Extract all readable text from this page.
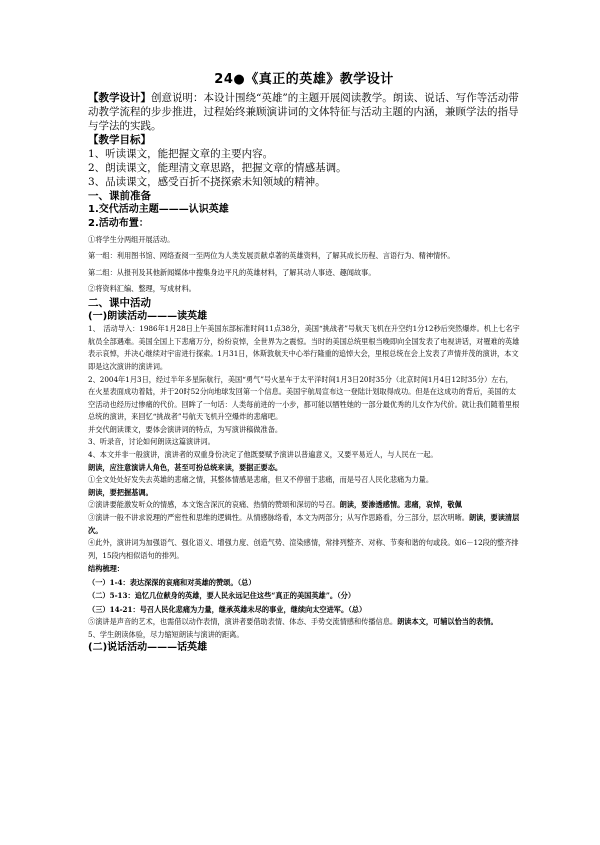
24●《真正的英雄》教学设计

【教学设计】创意说明：本设计围绕“英雄”的主题开展阅读教学。朗读、说话、写作等活动带动教学流程的步步推进，过程始终兼顾演讲词的文体特征与活动主题的内涵，兼顾学法的指导与学法的实践。

【教学目标】

1、听读课文，能把握文章的主要内容。

2、朗读课文，能理清文章思路，把握文章的情感基调。

3、品读课文，感受百折不挠探索未知领域的精神。

一、课前准备

1.交代活动主题———认识英雄

2.活动布置：

①将学生分两组开展活动。

第一组：利用图书馆、网络查阅一至两位为人类发展贡献卓著的英雄资料，了解其成长历程、言语行为、精神情怀。

第二组：从报刊及其他新闻媒体中搜集身边平凡的英雄材料，了解其动人事迹、趣闻故事。

②将资料汇编、整理，写成材料。

二、课中活动

(一)朗读活动———读英雄

1、　活动导入：1986年1月28日上午美国东部标准时间11点38分，美国“挑战者”号航天飞机在升空约1分12秒后突然爆炸。机上七名宇航员全部遇难。美国全国上下悲痛万分，纷纷哀悼，全世界为之震惊。当时的美国总统里根当晚即向全国发表了电视讲话，对罹难的英雄表示哀悼，并决心继续对宇宙进行探索。1月31日，休斯敦航天中心举行隆重的追悼大会，里根总统在会上发表了声情并茂的演讲，本文即是这次演讲的演讲词。

2、2004年1月3日，经过半年多星际航行，美国“勇气”号火星车于太平洋时间1月3日20时35分（北京时间1月4日12时35分）左右，在火星表面成功着陆，并于20时52分向地球发回第一个信息。美国宇航局宣布这一登陆计划取得成功。但是在这成功的背后，美国的太空活动也经历过惨痛的代价。回眸了一句话：人类每前进的一小步，都可能以牺牲她的一部分最优秀的儿女作为代价。就让我们随着里根总统的演讲，来回忆“挑战者”号航天飞机升空爆炸的悲痛吧。

并交代朗读课文，要体会演讲词的特点，为写演讲稿做准备。

3、听录音，讨论如何朗读这篇演讲词。

4、本文并非一般演讲，演讲者的双重身份决定了他既要赋予演讲以普遍意义，又要平易近人，与人民在一起。
朗读，应注意演讲人角色，甚至可扮总统来读，要据正要态。

①全文处处好发失去英雄的悲痛之情，其整体情感是悲痛，但又不停留于悲痛，而是号召人民化悲痛为力量。
朗读，要把握基调。

②演讲要能激发听众的情感，本文饱含深沉的哀痛、热情的赞颂和深切的号召。朗读，要渗透感情。悲痛，哀悼，敬佩

③演讲一般不讲求说理的严密性和思维的逻辑性。从情感脉络看，本文为两部分；从写作思路看，分三部分，层次明晰。朗读，要读清层次。

④此外，演讲词为加强语气、强化语义、增强力度、创造气势、渲染感情，常排列整齐、对称、节奏和谐的句或段。如6－12段的整齐排列，15段内相似语句的排列。

结构梳理：

（一）1-4：表达深深的哀痛和对英雄的赞颂。（总）

（二）5-13：追忆几位献身的英雄，要人民永远记住这些“真正的美国英雄”。（分）

（三）14-21：号召人民化悲痛为力量，继承英雄未尽的事业，继续向太空进军。（总）

⑤演讲是声音的艺术，也需借以动作表情，演讲者要借助表情、体态、手势交流情感和传播信息。朗读本文，可辅以恰当的表情。

5、学生朗读体验，尽力缩短朗读与演讲的距离。

(二)说话活动———话英雄
